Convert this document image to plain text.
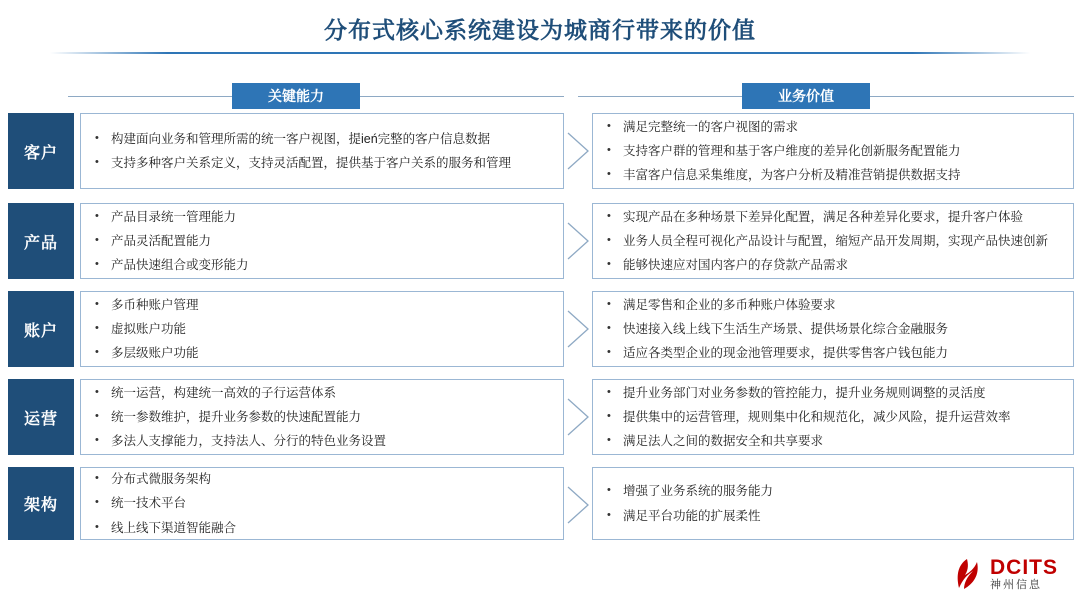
分布式核心系统建设为城商行带来的价值
关键能力	业务价值
客户
• 构建面向业务和管理所需的统一客户视图，提ień完整的客户信息数据
• 支持多种客户关系定义，支持灵活配置，提供基于客户关系的服务和管理
• 满足完整统一的客户视图的需求
• 支持客户群的管理和基于客户维度的差异化创新服务配置能力
• 丰富客户信息采集维度，为客户分析及精准营销提供数据支持
产品
• 产品目录统一管理能力
• 产品灵活配置能力
• 产品快速组合或变形能力
• 实现产品在多种场景下差异化配置，满足各种差异化要求，提升客户体验
• 业务人员全程可视化产品设计与配置，缩短产品开发周期，实现产品快速创新
• 能够快速应对国内客户的存贷款产品需求
账户
• 多币种账户管理
• 虚拟账户功能
• 多层级账户功能
• 满足零售和企业的多币种账户体验要求
• 快速接入线上线下生活生产场景、提供场景化综合金融服务
• 适应各类型企业的现金池管理要求，提供零售客户钱包能力
运营
• 统一运营，构建统一高效的子行运营体系
• 统一参数维护，提升业务参数的快速配置能力
• 多法人支撑能力，支持法人、分行的特色业务设置
• 提升业务部门对业务参数的管控能力，提升业务规则调整的灵活度
• 提供集中的运营管理，规则集中化和规范化，减少风险，提升运营效率
• 满足法人之间的数据安全和共享要求
架构
• 分布式微服务架构
• 统一技术平台
• 线上线下渠道智能融合
• 增强了业务系统的服务能力
• 满足平台功能的扩展柔性
DCITS
神州信息
